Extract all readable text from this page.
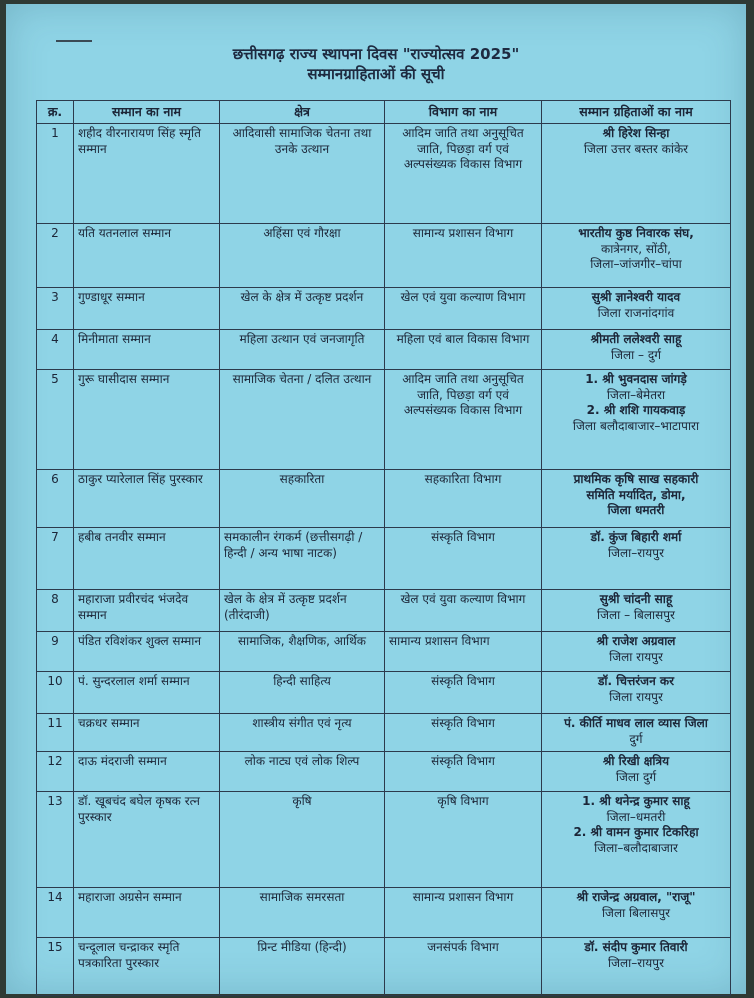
छत्तीसगढ़ राज्य स्थापना दिवस "राज्योत्सव 2025"
सम्मानग्राहिताओं की सूची
क्र.	सम्मान का नाम	क्षेत्र	विभाग का नाम	सम्मान ग्रहिताओं का नाम
1	शहीद वीरनारायण सिंह स्मृति सम्मान	आदिवासी सामाजिक चेतना तथा उनके उत्थान	आदिम जाति तथा अनुसूचित जाति, पिछड़ा वर्ग एवं अल्पसंख्यक विकास विभाग	श्री हिरेश सिन्हा
जिला उत्तर बस्तर कांकेर

2	यति यतनलाल सम्मान	अहिंसा एवं गौरक्षा	सामान्य प्रशासन विभाग	भारतीय कुष्ठ निवारक संघ,
कात्रेनगर, सोंठी,
जिला–जांजगीर–चांपा

3	गुण्डाधूर सम्मान	खेल के क्षेत्र में उत्कृष्ट प्रदर्शन	खेल एवं युवा कल्याण विभाग	सुश्री ज्ञानेश्वरी यादव
जिला राजनांदगांव

4	मिनीमाता सम्मान	महिला उत्थान एवं जनजागृति	महिला एवं बाल विकास विभाग	श्रीमती ललेश्वरी साहू
जिला – दुर्ग

5	गुरू घासीदास सम्मान	सामाजिक चेतना / दलित उत्थान	आदिम जाति तथा अनुसूचित जाति, पिछड़ा वर्ग एवं अल्पसंख्यक विकास विभाग	1. श्री भुवनदास जांगड़े
जिला–बेमेतरा
2. श्री शशि गायकवाड़
जिला बलौदाबाजार–भाटापारा

6	ठाकुर प्यारेलाल सिंह पुरस्कार	सहकारिता	सहकारिता विभाग	प्राथमिक कृषि साख सहकारी
समिति मर्यादित, डोमा,
जिला धमतरी

7	हबीब तनवीर सम्मान	समकालीन रंगकर्म (छत्तीसगढ़ी / हिन्दी / अन्य भाषा नाटक)	संस्कृति विभाग	डॉ. कुंज बिहारी शर्मा
जिला–रायपुर

8	महाराजा प्रवीरचंद भंजदेव सम्मान	खेल के क्षेत्र में उत्कृष्ट प्रदर्शन (तीरंदाजी)	खेल एवं युवा कल्याण विभाग	सुश्री चांदनी साहू
जिला – बिलासपुर

9	पंडित रविशंकर शुक्ल सम्मान	सामाजिक, शैक्षणिक, आर्थिक	सामान्य प्रशासन विभाग	श्री राजेश अग्रवाल
जिला रायपुर

10	पं. सुन्दरलाल शर्मा सम्मान	हिन्दी साहित्य	संस्कृति विभाग	डॉ. चित्तरंजन कर
जिला रायपुर

11	चक्रधर सम्मान	शास्त्रीय संगीत एवं नृत्य	संस्कृति विभाग	पं. कीर्ति माधव लाल व्यास जिला
दुर्ग

12	दाऊ मंदराजी सम्मान	लोक नाट्य एवं लोक शिल्प	संस्कृति विभाग	श्री रिखी क्षत्रिय
जिला दुर्ग

13	डॉ. खूबचंद बघेल कृषक रत्न पुरस्कार	कृषि	कृषि विभाग	1. श्री थनेन्द्र कुमार साहू
जिला–धमतरी
2. श्री वामन कुमार टिकरिहा
जिला–बलौदाबाजार

14	महाराजा अग्रसेन सम्मान	सामाजिक समरसता	सामान्य प्रशासन विभाग	श्री राजेन्द्र अग्रवाल, "राजू"
जिला बिलासपुर

15	चन्दूलाल चन्द्राकर स्मृति पत्रकारिता पुरस्कार	प्रिन्ट मीडिया (हिन्दी)	जनसंपर्क विभाग	डॉ. संदीप कुमार तिवारी
जिला–रायपुर
